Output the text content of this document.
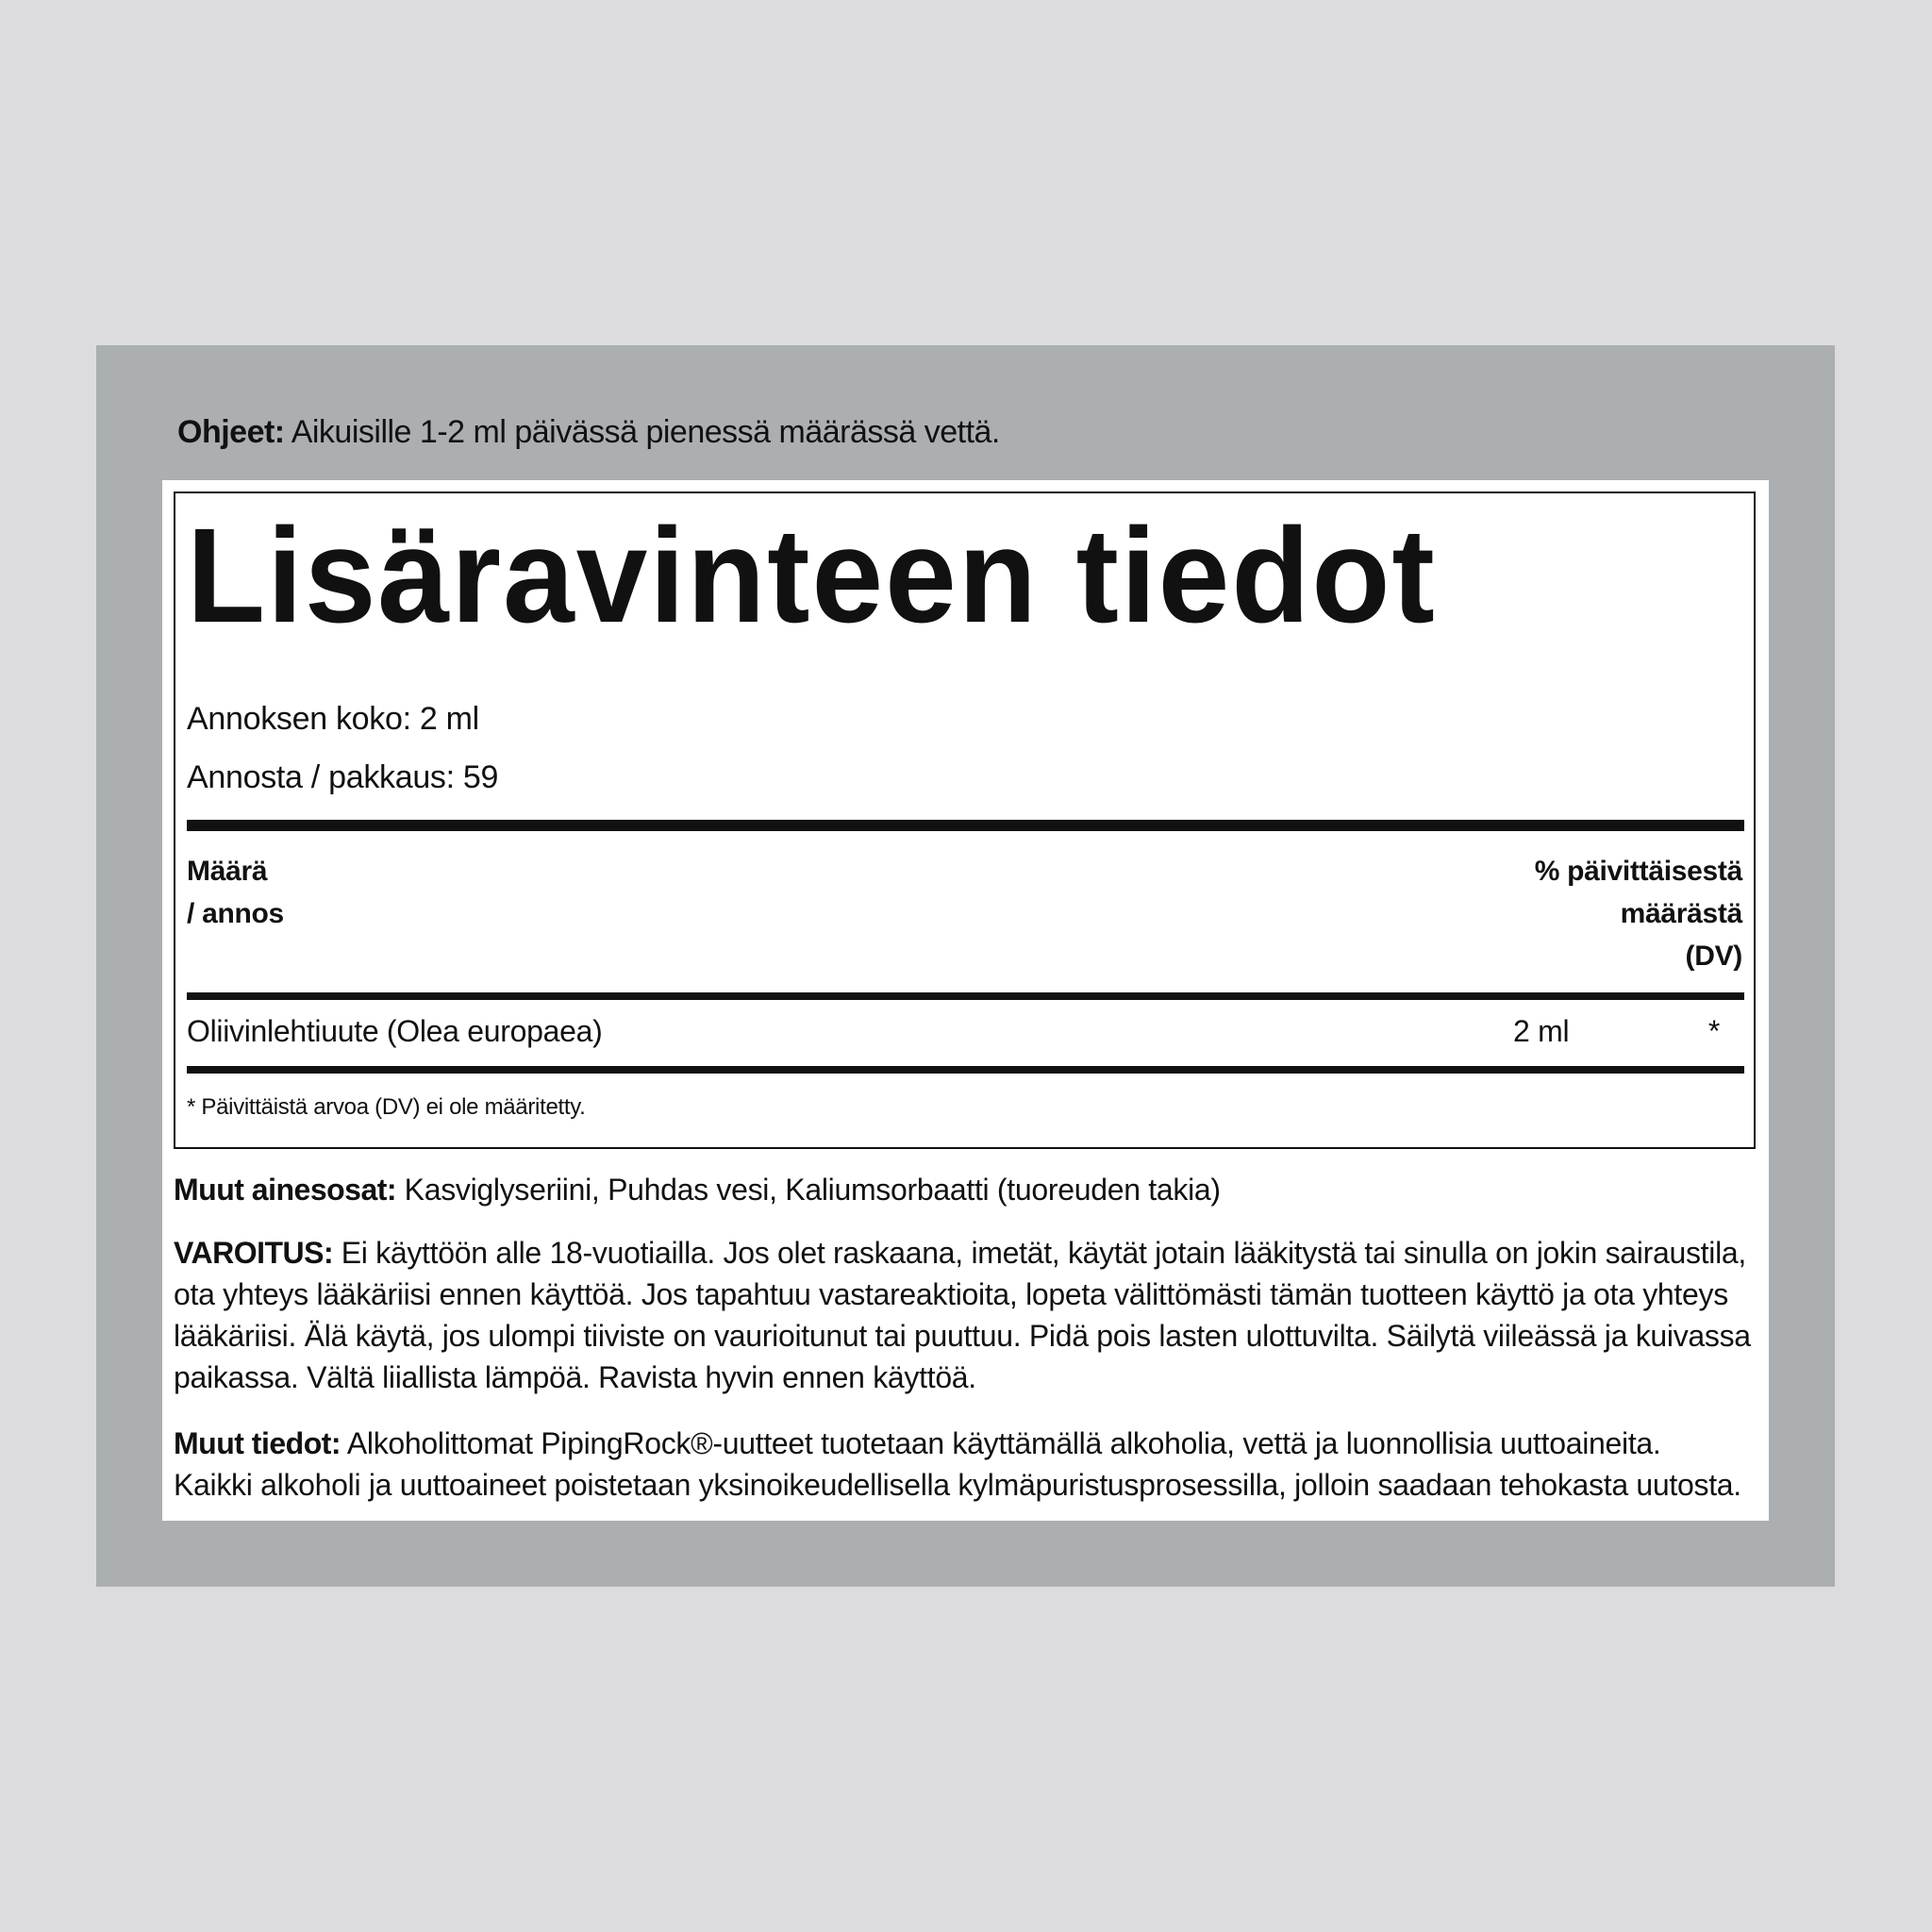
Ohjeet: Aikuisille 1-2 ml päivässä pienessä määrässä vettä.
Lisäravinteen tiedot
Annoksen koko: 2 ml
Annosta / pakkaus: 59
Määrä
/ annos
% päivittäisestä
määrästä
(DV)
Oliivinlehtiuute (Olea europaea)	2 ml	*
* Päivittäistä arvoa (DV) ei ole määritetty.
Muut ainesosat: Kasviglyseriini, Puhdas vesi, Kaliumsorbaatti (tuoreuden takia)
VAROITUS: Ei käyttöön alle 18-vuotiailla. Jos olet raskaana, imetät, käytät jotain lääkitystä tai sinulla on jokin sairaustila,
ota yhteys lääkäriisi ennen käyttöä. Jos tapahtuu vastareaktioita, lopeta välittömästi tämän tuotteen käyttö ja ota yhteys
lääkäriisi. Älä käytä, jos ulompi tiiviste on vaurioitunut tai puuttuu. Pidä pois lasten ulottuvilta. Säilytä viileässä ja kuivassa
paikassa. Vältä liiallista lämpöä. Ravista hyvin ennen käyttöä.
Muut tiedot: Alkoholittomat PipingRock®-uutteet tuotetaan käyttämällä alkoholia, vettä ja luonnollisia uuttoaineita.
Kaikki alkoholi ja uuttoaineet poistetaan yksinoikeudellisella kylmäpuristusprosessilla, jolloin saadaan tehokasta uutosta.
